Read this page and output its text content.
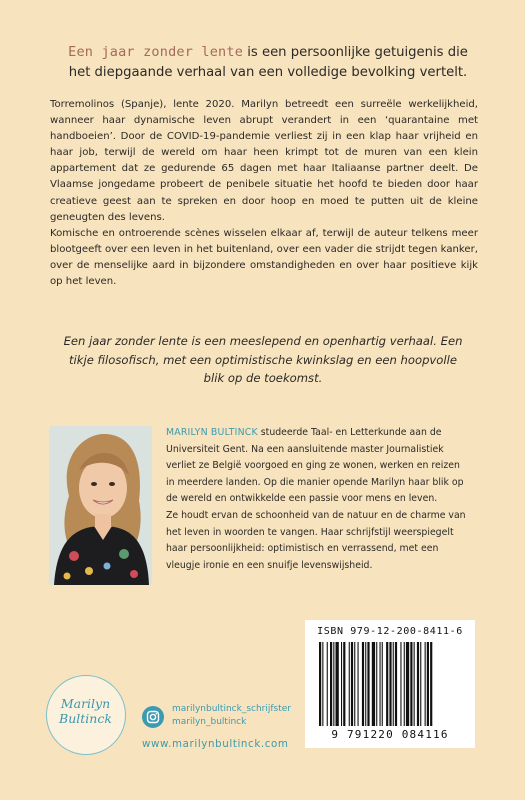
Een jaar zonder lente is een persoonlijke getuigenis die het diepgaande verhaal van een volledige bevolking vertelt.

Torremolinos (Spanje), lente 2020. Marilyn betreedt een surreële werkelijkheid, wanneer haar dynamische leven abrupt verandert in een ‘quarantaine met handboeien’. Door de COVID-19-pandemie verliest zij in een klap haar vrijheid en haar job, terwijl de wereld om haar heen krimpt tot de muren van een klein appartement dat ze gedurende 65 dagen met haar Italiaanse partner deelt. De Vlaamse jongedame probeert de penibele situatie het hoofd te bieden door haar creatieve geest aan te spreken en door hoop en moed te putten uit de kleine geneugten des levens.

Komische en ontroerende scènes wisselen elkaar af, terwijl de auteur telkens meer blootgeeft over een leven in het buitenland, over een vader die strijdt tegen kanker, over de menselijke aard in bijzondere omstandigheden en over haar positieve kijk op het leven.

Een jaar zonder lente is een meeslepend en openhartig verhaal. Een tikje filosofisch, met een optimistische kwinkslag en een hoopvolle blik op de toekomst.
MARILYN BULTINCK studeerde Taal- en Letterkunde aan de Universiteit Gent. Na een aansluitende master Journalistiek verliet ze België voorgoed en ging ze wonen, werken en reizen in meerdere landen. Op die manier opende Marilyn haar blik op de wereld en ontwikkelde een passie voor mens en leven.
Ze houdt ervan de schoonheid van de natuur en de charme van het leven in woorden te vangen. Haar schrijfstijl weerspiegelt haar persoonlijkheid: optimistisch en verrassend, met een vleugje ironie en een snuifje levenswijsheid.
ISBN 979-12-200-8411-6
9 791220 084116
Marilyn
Bultinck
marilynbultinck_schrijfster
marilyn_bultinck
www.marilynbultinck.com
